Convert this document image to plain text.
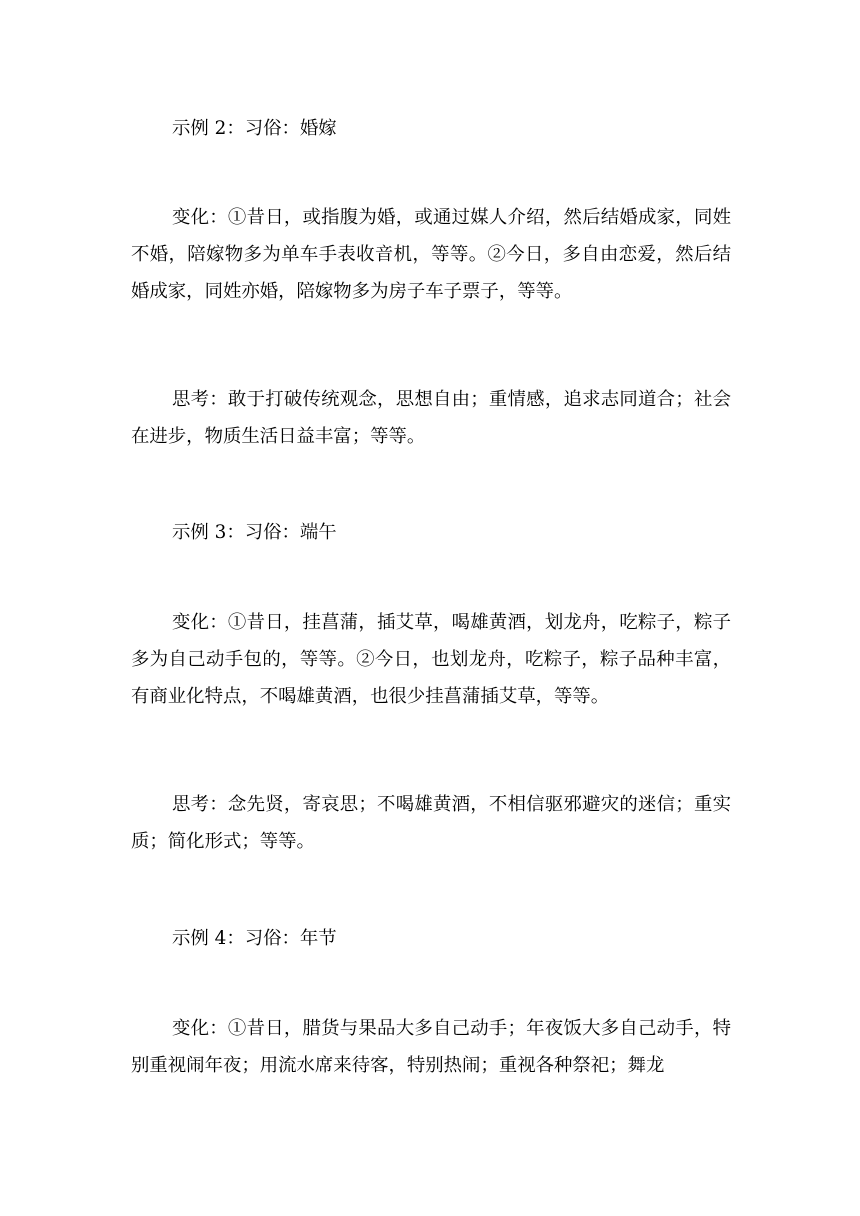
示例 2：习俗：婚嫁

变化：①昔日，或指腹为婚，或通过媒人介绍，然后结婚成家，同姓不婚，陪嫁物多为单车手表收音机，等等。②今日，多自由恋爱，然后结婚成家，同姓亦婚，陪嫁物多为房子车子票子，等等。

思考：敢于打破传统观念，思想自由；重情感，追求志同道合；社会在进步，物质生活日益丰富；等等。

示例 3：习俗：端午

变化：①昔日，挂菖蒲，插艾草，喝雄黄酒，划龙舟，吃粽子，粽子多为自己动手包的，等等。②今日，也划龙舟，吃粽子，粽子品种丰富，有商业化特点，不喝雄黄酒，也很少挂菖蒲插艾草，等等。

思考：念先贤，寄哀思；不喝雄黄酒，不相信驱邪避灾的迷信；重实质；简化形式；等等。

示例 4：习俗：年节

变化：①昔日，腊货与果品大多自己动手；年夜饭大多自己动手，特别重视闹年夜；用流水席来待客，特别热闹；重视各种祭祀；舞龙
